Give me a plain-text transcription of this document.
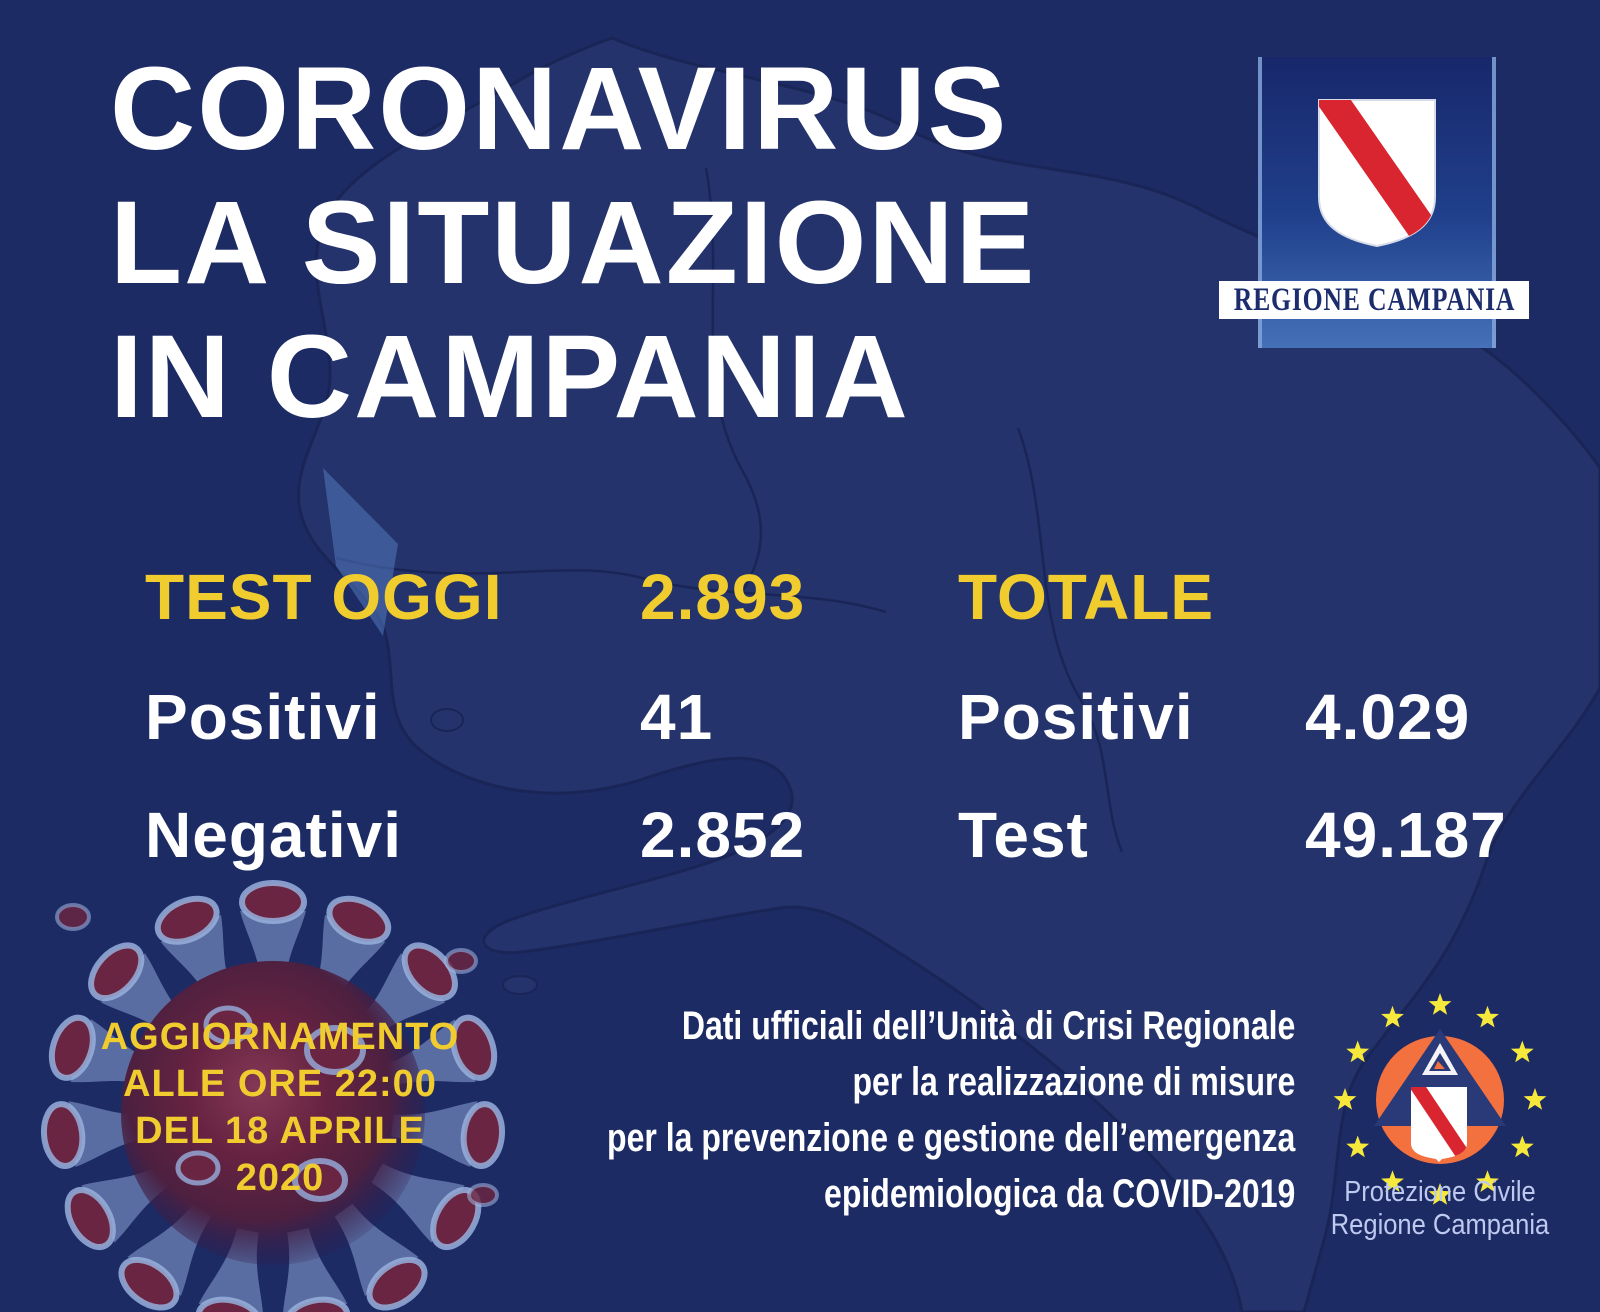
CORONAVIRUS
LA SITUAZIONE
IN CAMPANIA
REGIONE CAMPANIA
TEST OGGI 2.893 TOTALE
Positivi	41	Positivi 4.029
Negativi	2.852 Test	49.187
AGGIORNAMENTO
ALLE ORE 22:00
DEL 18 APRILE 2020
Dati ufficiali dell’Unità di Crisi Regionale
per la realizzazione di misure
per la prevenzione e gestione dell’emergenza
epidemiologica da COVID-2019	Protezione Civile
Regione Campania
